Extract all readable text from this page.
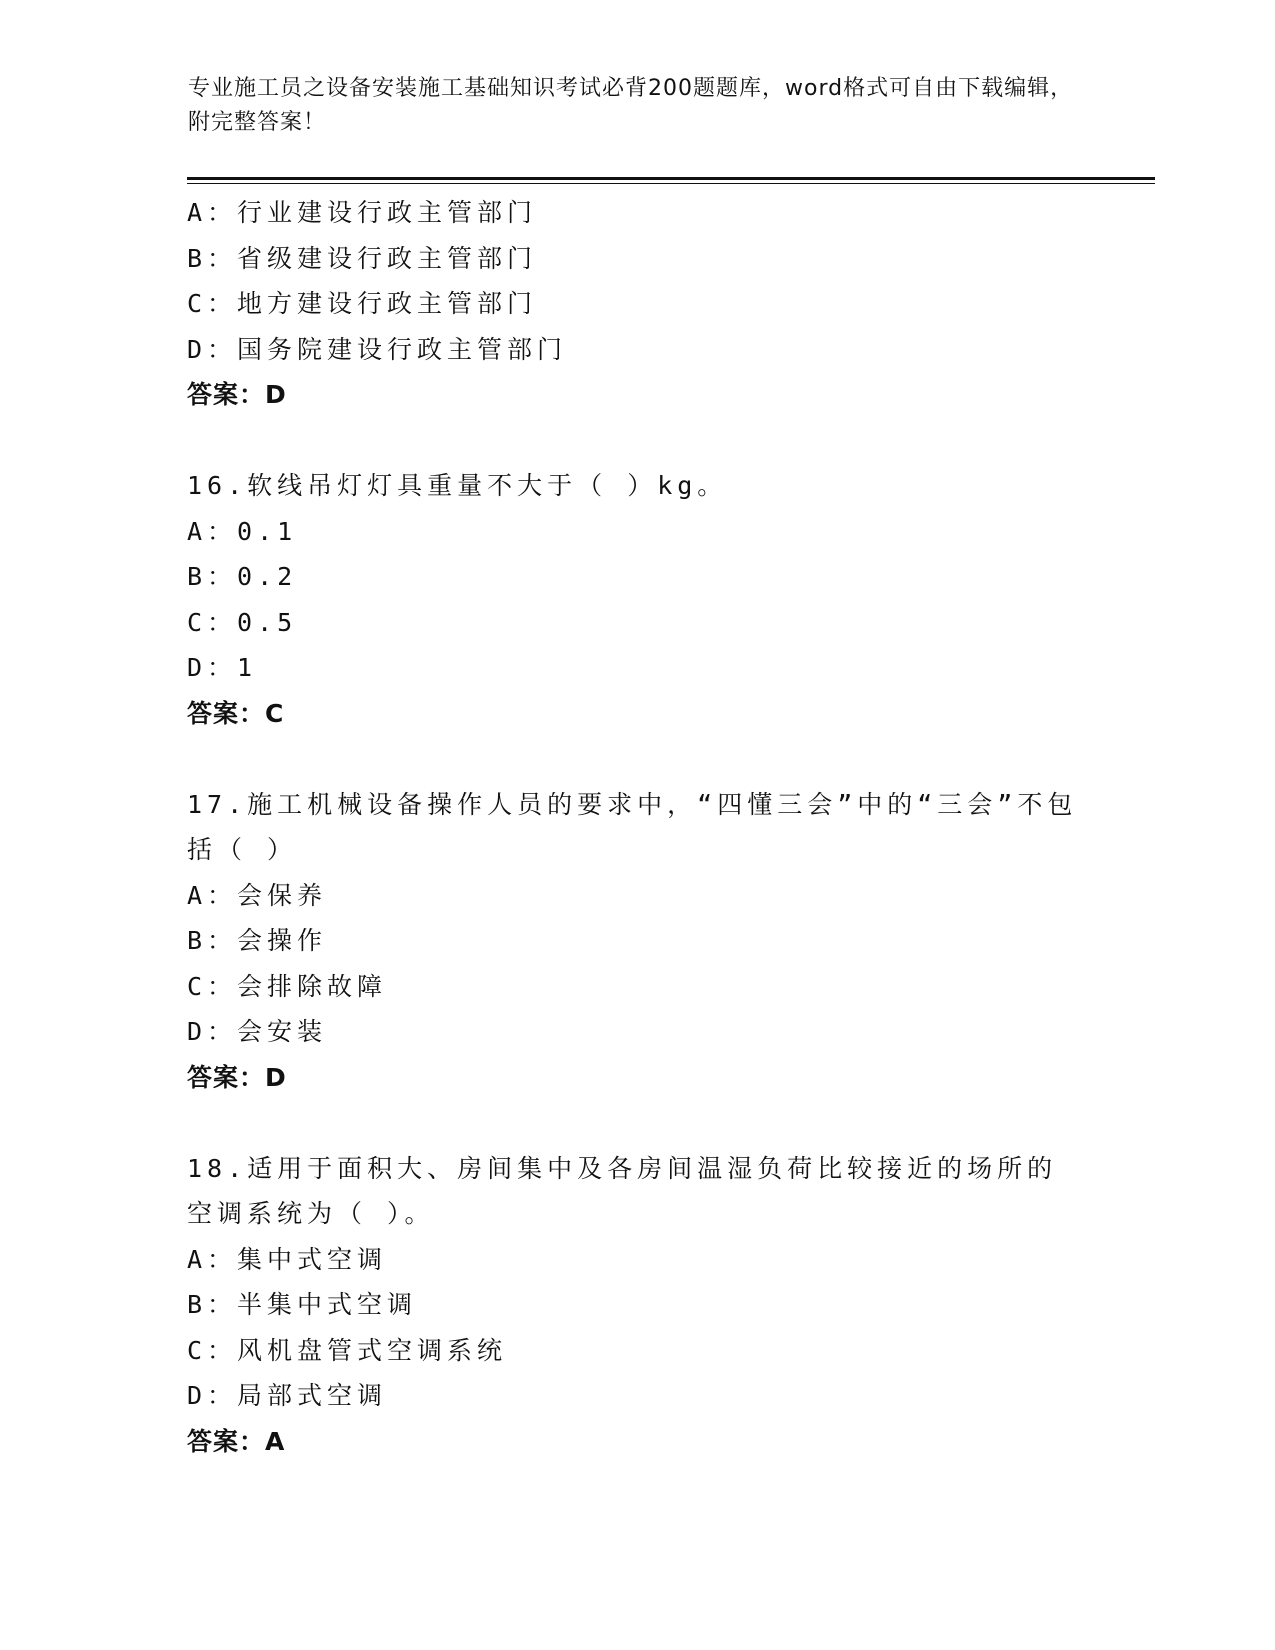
专业施工员之设备安装施工基础知识考试必背200题题库，word格式可自由下载编辑，附完整答案！
A：行业建设行政主管部门
B：省级建设行政主管部门
C：地方建设行政主管部门
D：国务院建设行政主管部门
答案：D
16.软线吊灯灯具重量不大于（ ）kg。
A：0.1
B：0.2
C：0.5
D：1
答案：C
17.施工机械设备操作人员的要求中，“四懂三会”中的“三会”不包括（ ）
A：会保养
B：会操作
C：会排除故障
D：会安装
答案：D
18.适用于面积大、房间集中及各房间温湿负荷比较接近的场所的空调系统为（ ）。
A：集中式空调
B：半集中式空调
C：风机盘管式空调系统
D：局部式空调
答案：A
